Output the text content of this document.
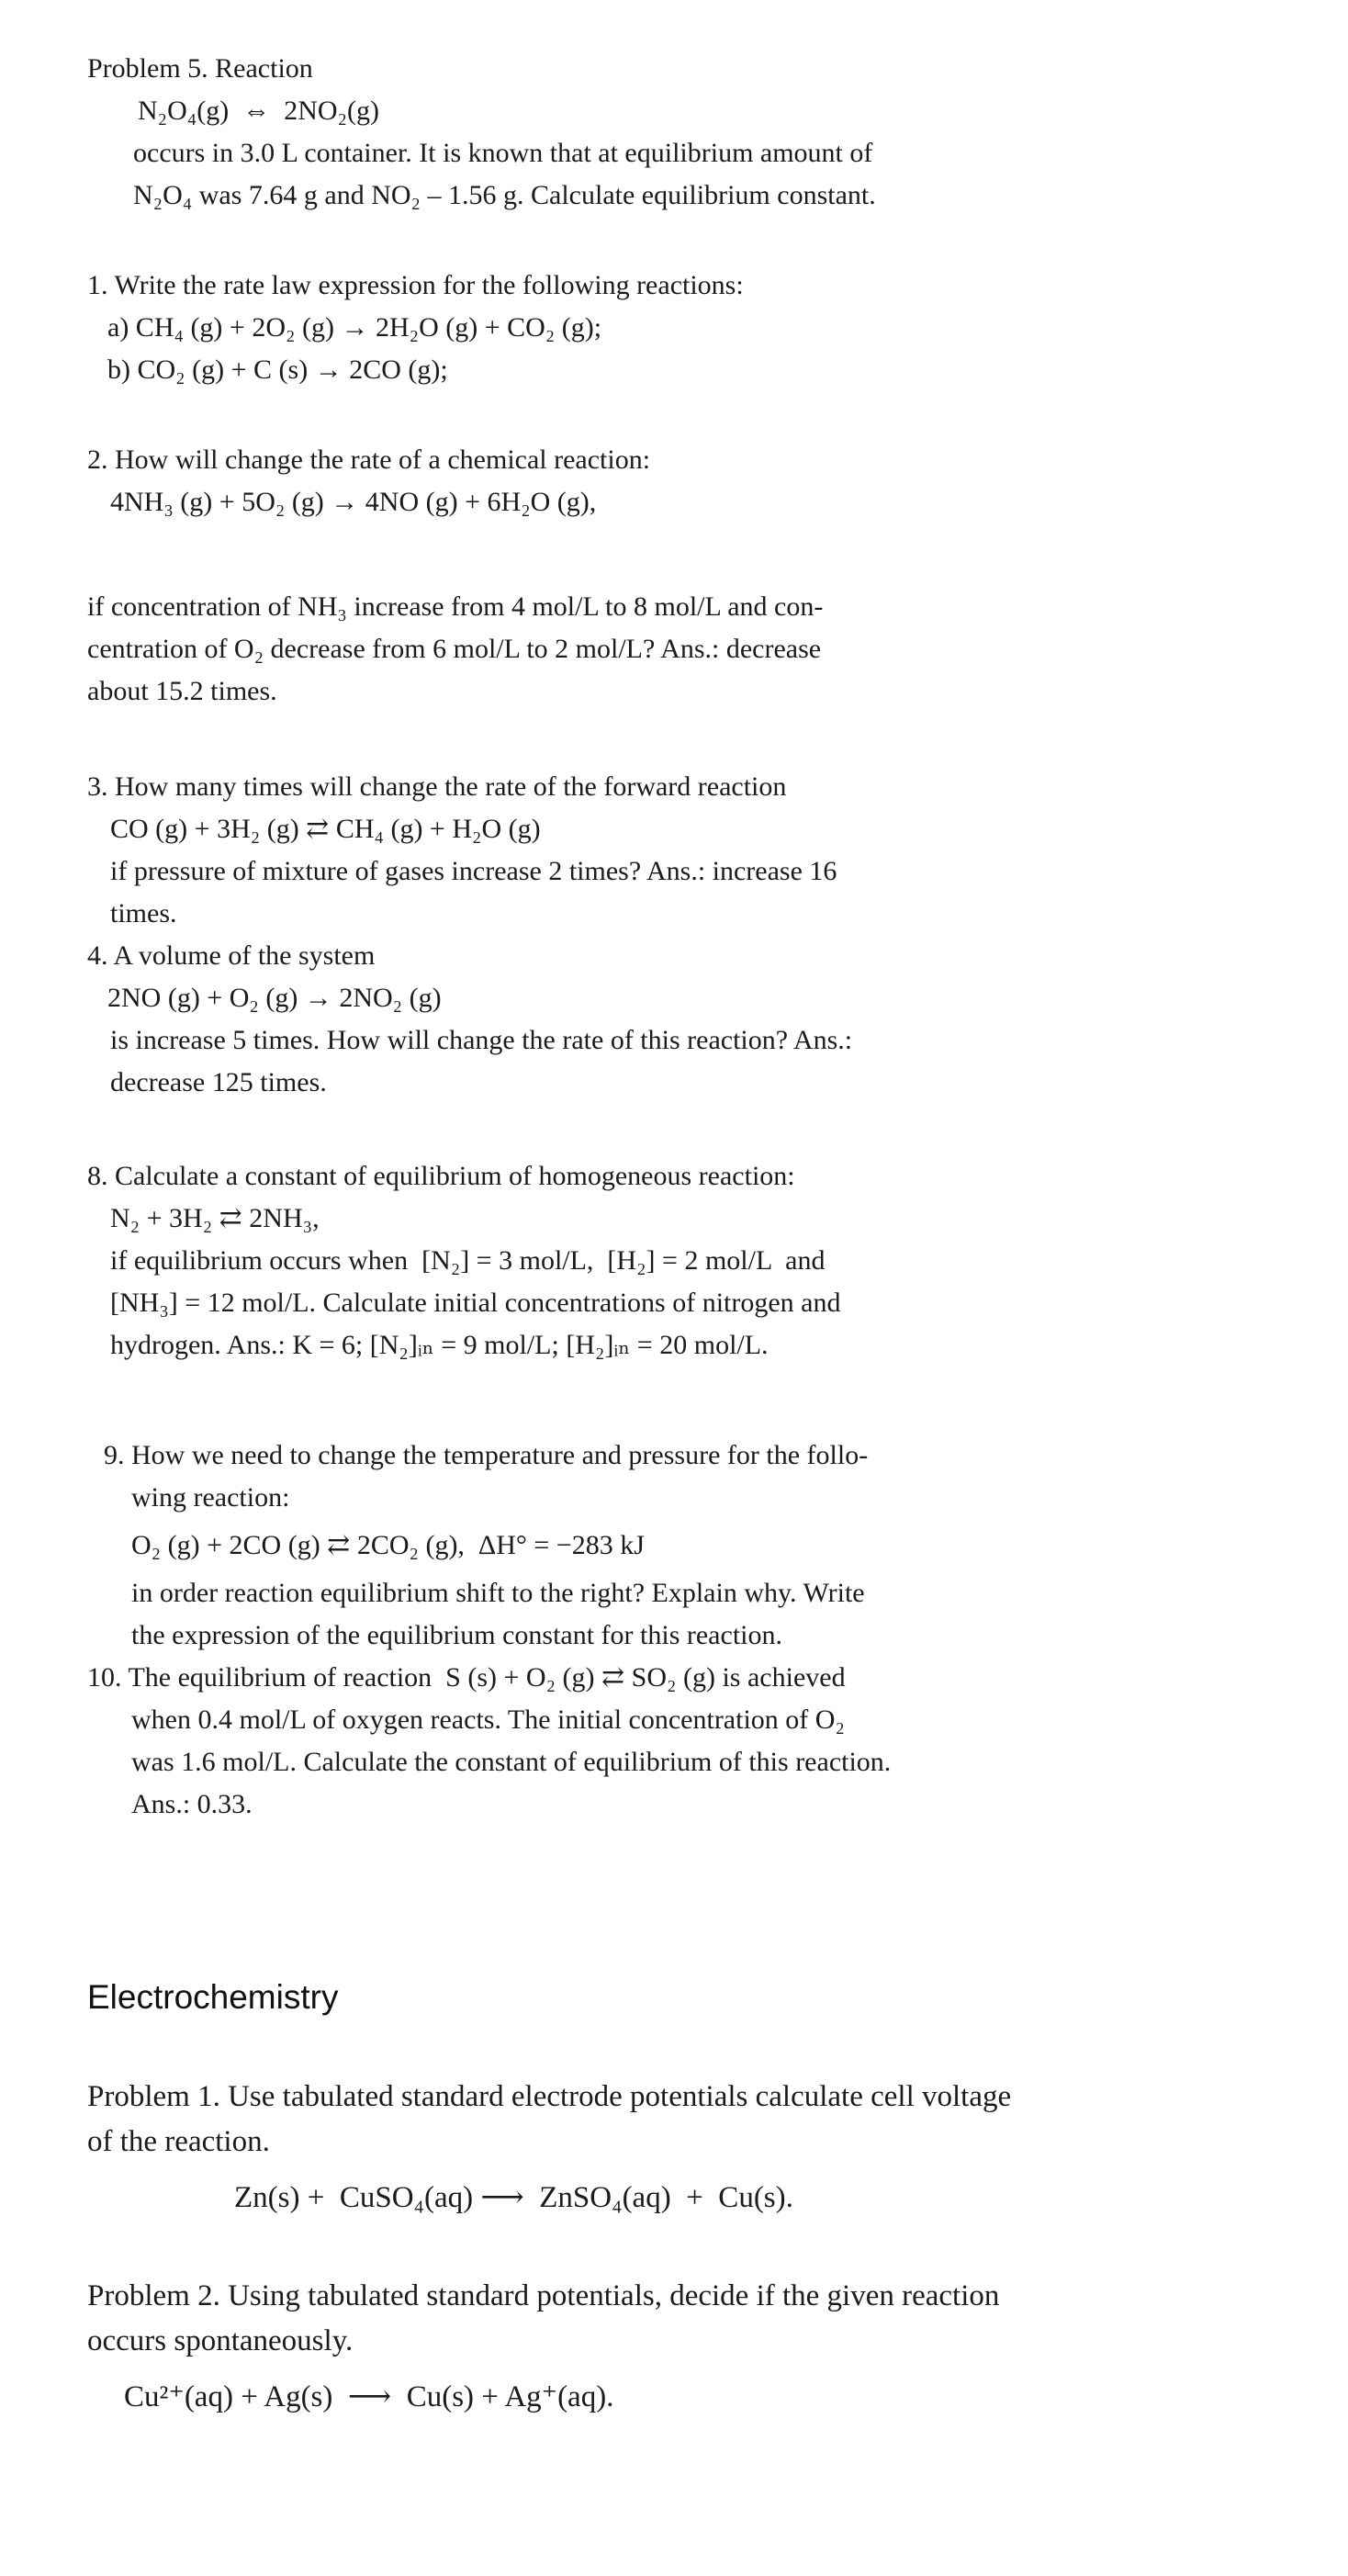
Problem 5. Reaction
N₂O₄(g)  ⇔  2NO₂(g)
occurs in 3.0 L container. It is known that at equilibrium amount of
N₂O₄ was 7.64 g and NO₂ – 1.56 g. Calculate equilibrium constant.
1. Write the rate law expression for the following reactions:
a) CH₄ (g) + 2O₂ (g) → 2H₂O (g) + CO₂ (g);
b) CO₂ (g) + C (s) → 2CO (g);
2. How will change the rate of a chemical reaction:
4NH₃ (g) + 5O₂ (g) → 4NO (g) + 6H₂O (g),
if concentration of NH₃ increase from 4 mol/L to 8 mol/L and con-
centration of O₂ decrease from 6 mol/L to 2 mol/L? Ans.: decrease
about 15.2 times.
3. How many times will change the rate of the forward reaction
CO (g) + 3H₂ (g) ⇄ CH₄ (g) + H₂O (g)
if pressure of mixture of gases increase 2 times? Ans.: increase 16
times.
4. A volume of the system
2NO (g) + O₂ (g) → 2NO₂ (g)
is increase 5 times. How will change the rate of this reaction? Ans.:
decrease 125 times.
8. Calculate a constant of equilibrium of homogeneous reaction:
N₂ + 3H₂ ⇄ 2NH₃,
if equilibrium occurs when  [N₂] = 3 mol/L,  [H₂] = 2 mol/L  and
[NH₃] = 12 mol/L. Calculate initial concentrations of nitrogen and
hydrogen. Ans.: K = 6; [N₂]ᵢₙ = 9 mol/L; [H₂]ᵢₙ = 20 mol/L.
9. How we need to change the temperature and pressure for the follo-
wing reaction:
O₂ (g) + 2CO (g) ⇄ 2CO₂ (g),  ΔH° = −283 kJ
in order reaction equilibrium shift to the right? Explain why. Write
the expression of the equilibrium constant for this reaction.
10. The equilibrium of reaction  S (s) + O₂ (g) ⇄ SO₂ (g) is achieved
when 0.4 mol/L of oxygen reacts. The initial concentration of O₂
was 1.6 mol/L. Calculate the constant of equilibrium of this reaction.
Ans.: 0.33.
Electrochemistry
Problem 1. Use tabulated standard electrode potentials calculate cell voltage
of the reaction.
Zn(s) +  CuSO₄(aq) ⟶  ZnSO₄(aq)  +  Cu(s).
Problem 2. Using tabulated standard potentials, decide if the given reaction
occurs spontaneously.
Cu²⁺(aq) + Ag(s)  ⟶  Cu(s) + Ag⁺(aq).
